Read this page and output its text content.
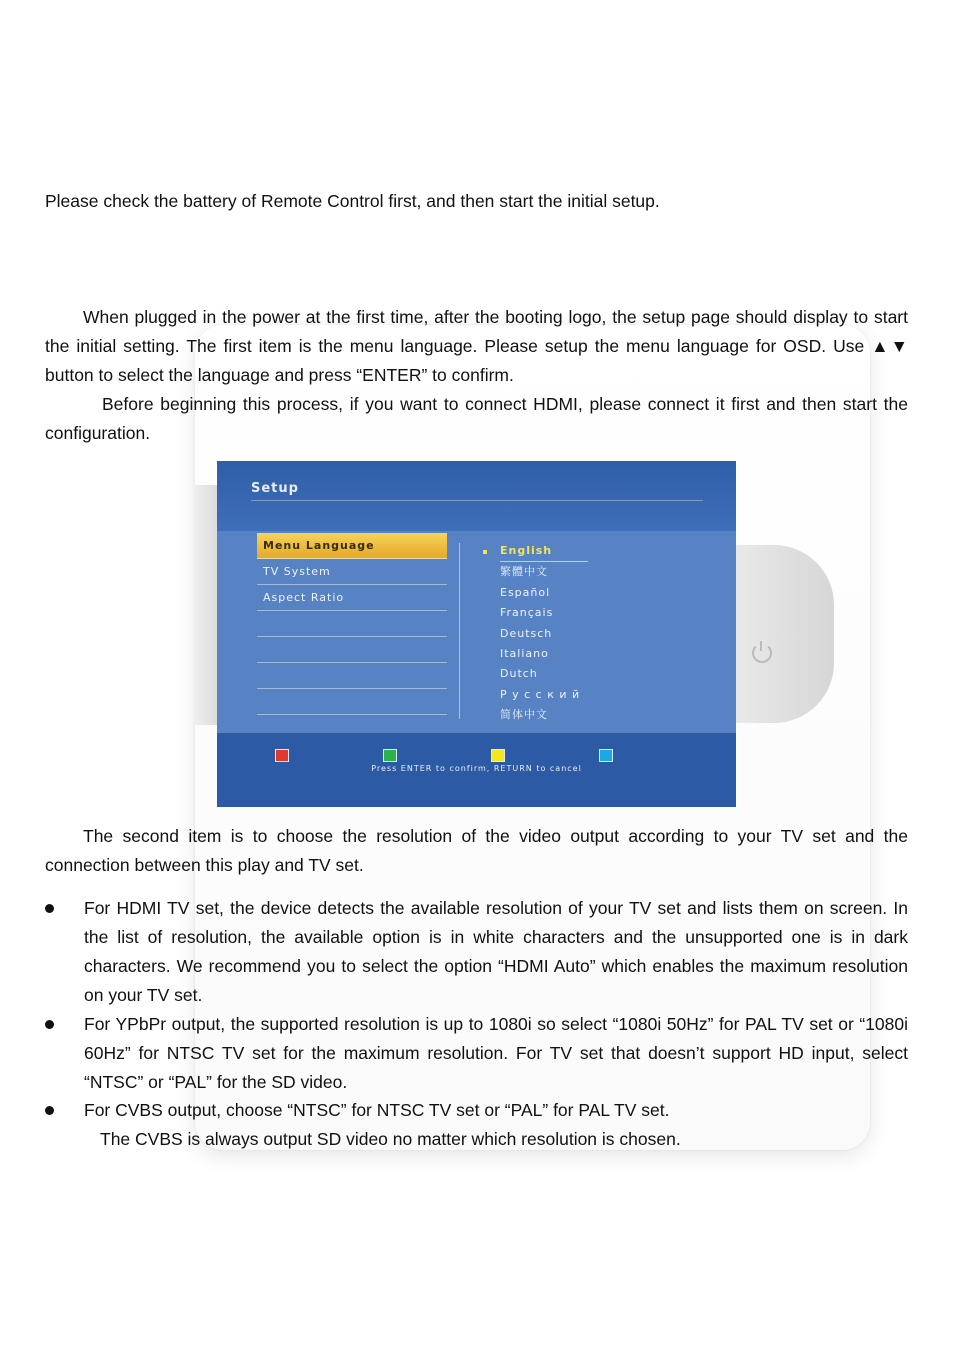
Please check the battery of Remote Control first, and then start the initial setup.

When plugged in the power at the first time, after the booting logo, the setup page should display to start the initial setting. The first item is the menu language. Please setup the menu language for OSD. Use ▲▼ button to select the language and press “ENTER” to confirm.

Before beginning this process, if you want to connect HDMI, please connect it first and then start the configuration.

Setup
Menu Language
TV System
Aspect Ratio
English
繁體中文
Español
Français
Deutsch
Italiano
Dutch
Р у с с к и й
简体中文
Press ENTER to confirm, RETURN to cancel

The second item is to choose the resolution of the video output according to your TV set and the connection between this play and TV set.

For HDMI TV set, the device detects the available resolution of your TV set and lists them on screen. In the list of resolution, the available option is in white characters and the unsupported one is in dark characters. We recommend you to select the option “HDMI Auto” which enables the maximum resolution on your TV set.

For YPbPr output, the supported resolution is up to 1080i so select “1080i 50Hz” for PAL TV set or “1080i 60Hz” for NTSC TV set for the maximum resolution. For TV set that doesn’t support HD input, select “NTSC” or “PAL” for the SD video.

For CVBS output, choose “NTSC” for NTSC TV set or “PAL” for PAL TV set.

The CVBS is always output SD video no matter which resolution is chosen.
